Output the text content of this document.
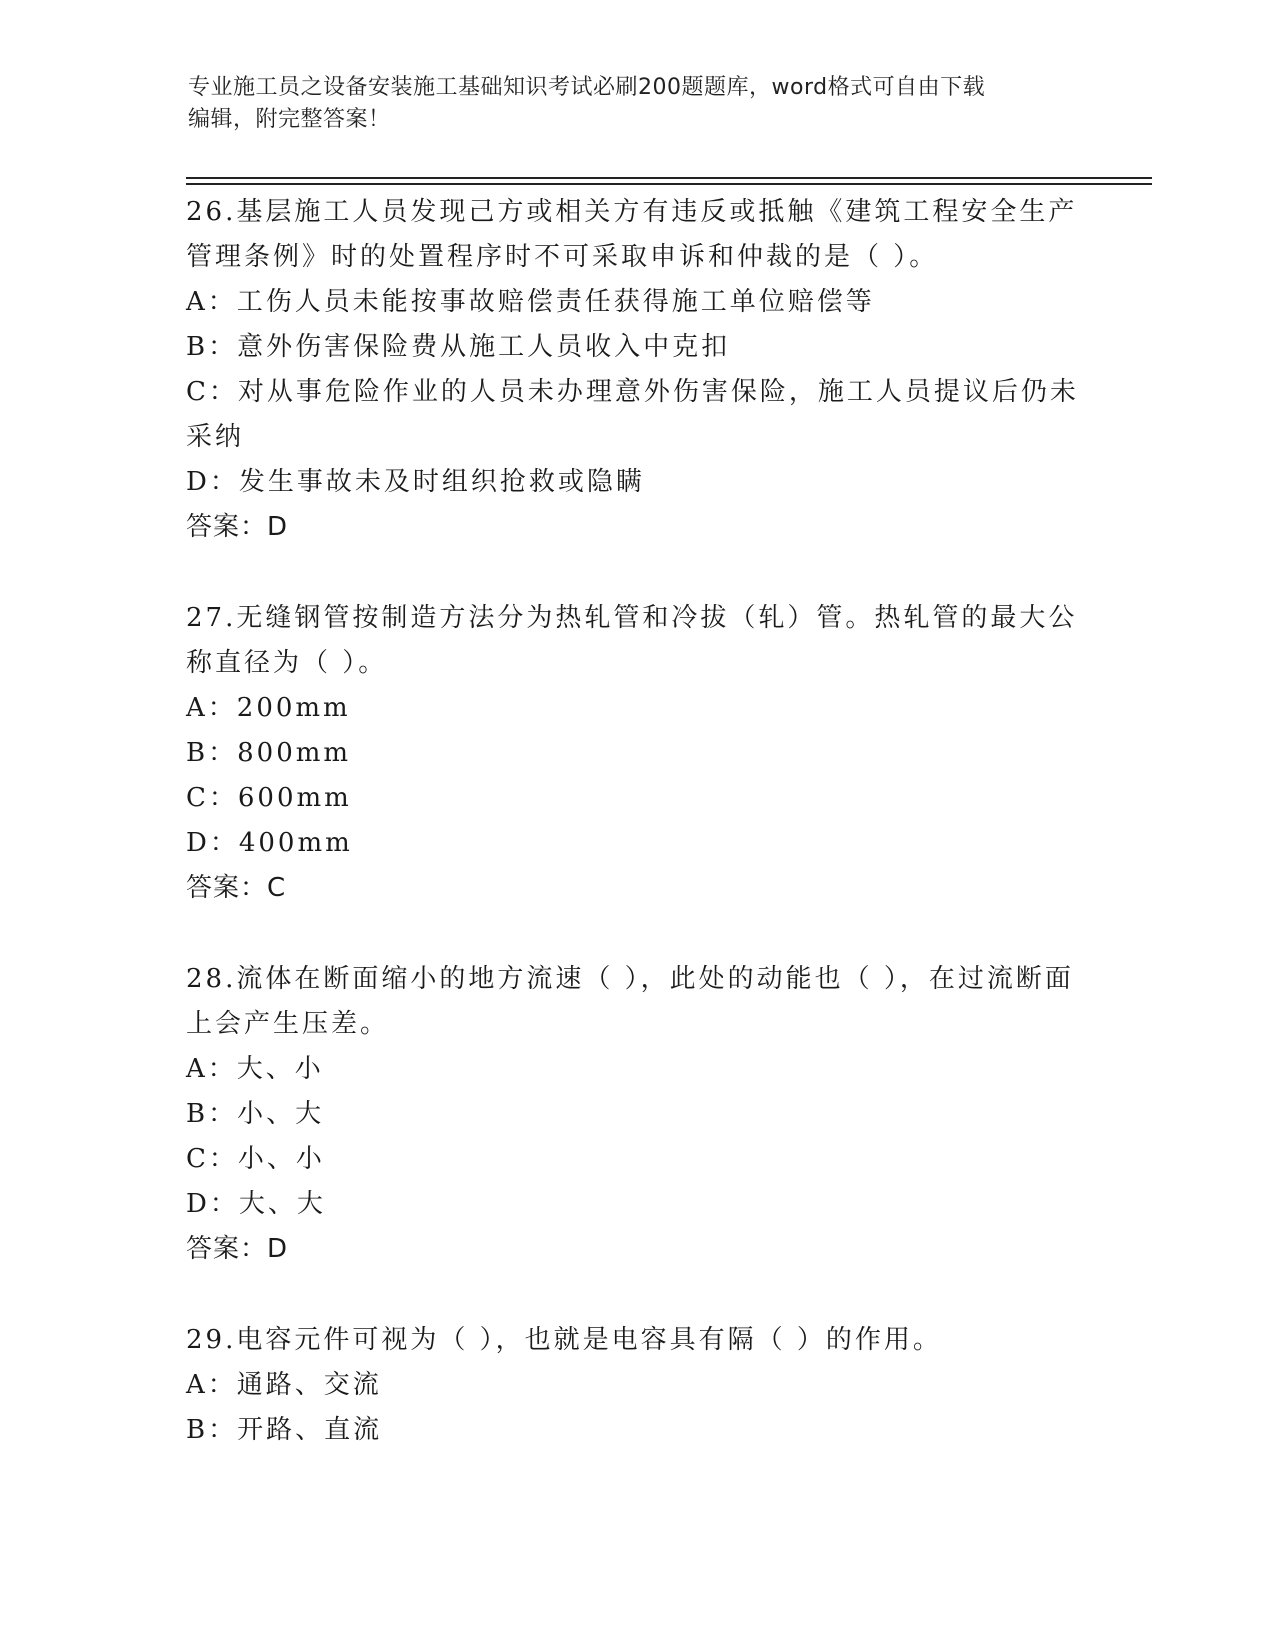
专业施工员之设备安装施工基础知识考试必刷200题题库，word格式可自由下载
编辑，附完整答案！

26.基层施工人员发现己方或相关方有违反或抵触《建筑工程安全生产管理条例》时的处置程序时不可采取申诉和仲裁的是（ ）。

A：工伤人员未能按事故赔偿责任获得施工单位赔偿等

B：意外伤害保险费从施工人员收入中克扣

C：对从事危险作业的人员未办理意外伤害保险，施工人员提议后仍未采纳

D：发生事故未及时组织抢救或隐瞒

答案：D

27.无缝钢管按制造方法分为热轧管和冷拔（轧）管。热轧管的最大公称直径为（ ）。

A：200mm

B：800mm

C：600mm

D：400mm

答案：C

28.流体在断面缩小的地方流速（ ），此处的动能也（ ），在过流断面上会产生压差。

A：大、小

B：小、大

C：小、小

D：大、大

答案：D

29.电容元件可视为（ ），也就是电容具有隔（ ）的作用。

A：通路、交流

B：开路、直流
